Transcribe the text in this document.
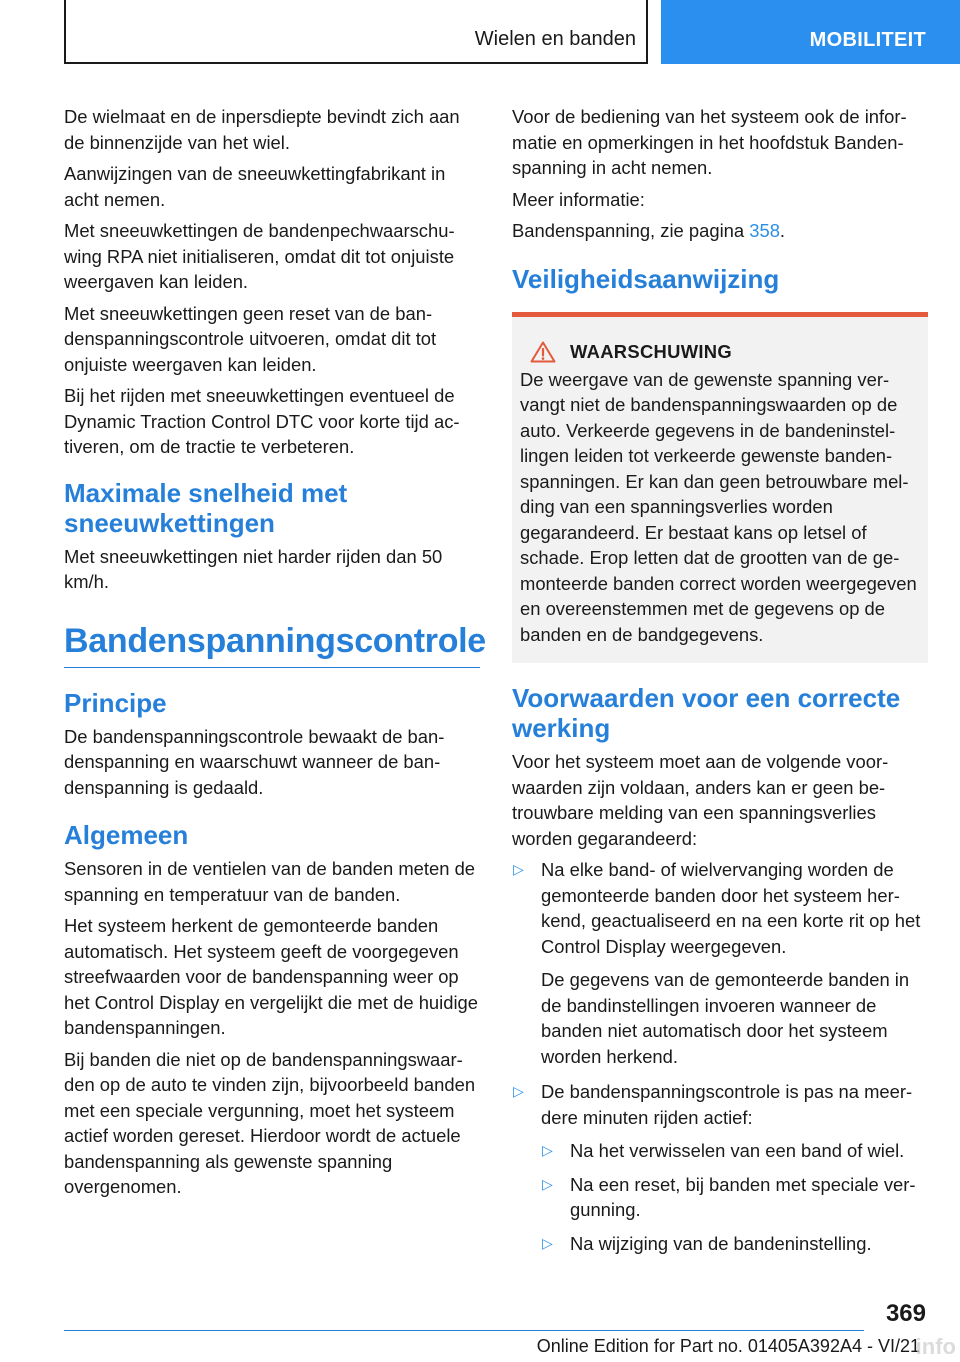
Wielen en banden	MOBILITEIT

De wielmaat en de inpersdiepte bevindt zich aan de binnenzijde van het wiel.

Aanwijzingen van de sneeuwkettingfabrikant in acht nemen.

Met sneeuwkettingen de bandenpechwaarschuwing RPA niet initialiseren, omdat dit tot onjuiste weergaven kan leiden.

Met sneeuwkettingen geen reset van de bandenspanningscontrole uitvoeren, omdat dit tot onjuiste weergaven kan leiden.

Bij het rijden met sneeuwkettingen eventueel de Dynamic Traction Control DTC voor korte tijd activeren, om de tractie te verbeteren.

Maximale snelheid met sneeuwkettingen

Met sneeuwkettingen niet harder rijden dan 50 km/h.

Bandenspanningscontrole
Principe

De bandenspanningscontrole bewaakt de bandenspanning en waarschuwt wanneer de bandenspanning is gedaald.

Algemeen

Sensoren in de ventielen van de banden meten de spanning en temperatuur van de banden.

Het systeem herkent de gemonteerde banden automatisch. Het systeem geeft de voorgegeven streefwaarden voor de bandenspanning weer op het Control Display en vergelijkt die met de huidige bandenspanningen.

Bij banden die niet op de bandenspanningswaarden op de auto te vinden zijn, bijvoorbeeld banden met een speciale vergunning, moet het systeem actief worden gereset. Hierdoor wordt de actuele bandenspanning als gewenste spanning overgenomen.

Voor de bediening van het systeem ook de informatie en opmerkingen in het hoofdstuk Bandenspanning in acht nemen.

Meer informatie:

Bandenspanning, zie pagina 358.

Veiligheidsaanwijzing
WAARSCHUWING

De weergave van de gewenste spanning vervangt niet de bandenspanningswaarden op de auto. Verkeerde gegevens in de bandeninstellingen leiden tot verkeerde gewenste bandenspanningen. Er kan dan geen betrouwbare melding van een spanningsverlies worden gegarandeerd. Er bestaat kans op letsel of schade. Erop letten dat de grootten van de gemonteerde banden correct worden weergegeven en overeenstemmen met de gegevens op de banden en de bandgegevens.

Voorwaarden voor een correcte werking

Voor het systeem moet aan de volgende voorwaarden zijn voldaan, anders kan er geen betrouwbare melding van een spanningsverlies worden gegarandeerd:

▷ Na elke band- of wielvervanging worden de gemonteerde banden door het systeem herkend, geactualiseerd en na een korte rit op het Control Display weergegeven.

De gegevens van de gemonteerde banden in de bandinstellingen invoeren wanneer de banden niet automatisch door het systeem worden herkend.

▷ De bandenspanningscontrole is pas na meerdere minuten rijden actief:

▷ Na het verwisselen van een band of wiel.

▷ Na een reset, bij banden met speciale vergunning.

▷ Na wijziging van de bandeninstelling.

369
Online Edition for Part no. 01405A392A4 - VI/21
info
